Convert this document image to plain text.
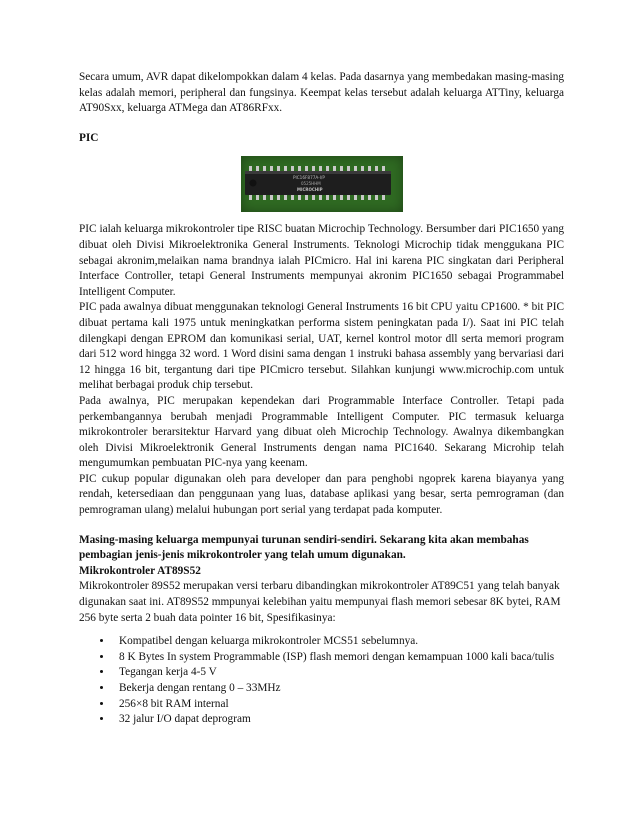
Secara umum, AVR dapat dikelompokkan dalam 4 kelas. Pada dasarnya yang membedakan masing-masing kelas adalah memori, peripheral dan fungsinya. Keempat kelas tersebut adalah keluarga ATTiny, keluarga AT90Sxx, keluarga ATMega dan AT86RFxx.

PIC

PIC16F877A-I/P
0525HHM
MICROCHIP

PIC ialah keluarga mikrokontroler tipe RISC buatan Microchip Technology. Bersumber dari PIC1650 yang dibuat oleh Divisi Mikroelektronika General Instruments. Teknologi Microchip tidak menggukana PIC sebagai akronim,melaikan nama brandnya ialah PICmicro. Hal ini karena PIC singkatan dari Peripheral Interface Controller, tetapi General Instruments mempunyai akronim PIC1650 sebagai Programmabel Intelligent Computer.

PIC pada awalnya dibuat menggunakan teknologi General Instruments 16 bit CPU yaitu CP1600. * bit PIC dibuat pertama kali 1975 untuk meningkatkan performa sistem peningkatan pada I/). Saat ini PIC telah dilengkapi dengan EPROM dan komunikasi serial, UAT, kernel kontrol motor dll serta memori program dari 512 word hingga 32 word. 1 Word disini sama dengan 1 instruki bahasa assembly yang bervariasi dari 12 hingga 16 bit, tergantung dari tipe PICmicro tersebut. Silahkan kunjungi www.microchip.com untuk melihat berbagai produk chip tersebut.

Pada awalnya, PIC merupakan kependekan dari Programmable Interface Controller. Tetapi pada perkembangannya berubah menjadi Programmable Intelligent Computer. PIC termasuk keluarga mikrokontroler berarsitektur Harvard yang dibuat oleh Microchip Technology. Awalnya dikembangkan oleh Divisi Mikroelektronik General Instruments dengan nama PIC1640. Sekarang Microhip telah mengumumkan pembuatan PIC-nya yang keenam.

PIC cukup popular digunakan oleh para developer dan para penghobi ngoprek karena biayanya yang rendah, ketersediaan dan penggunaan yang luas, database aplikasi yang besar, serta pemrograman (dan pemrograman ulang) melalui hubungan port serial yang terdapat pada komputer.

Masing-masing keluarga mempunyai turunan sendiri-sendiri. Sekarang kita akan membahas pembagian jenis-jenis mikrokontroler yang telah umum digunakan.

Mikrokontroler AT89S52

Mikrokontroler 89S52 merupakan versi terbaru dibandingkan mikrokontroler AT89C51 yang telah banyak digunakan saat ini. AT89S52 mmpunyai kelebihan yaitu mempunyai flash memori sebesar 8K bytei, RAM 256 byte serta 2 buah data pointer 16 bit, Spesifikasinya:

• Kompatibel dengan keluarga mikrokontroler MCS51 sebelumnya.
• 8 K Bytes In system Programmable (ISP) flash memori dengan kemampuan 1000 kali baca/tulis
• Tegangan kerja 4-5 V
• Bekerja dengan rentang 0 – 33MHz
• 256×8 bit RAM internal
• 32 jalur I/O dapat deprogram
